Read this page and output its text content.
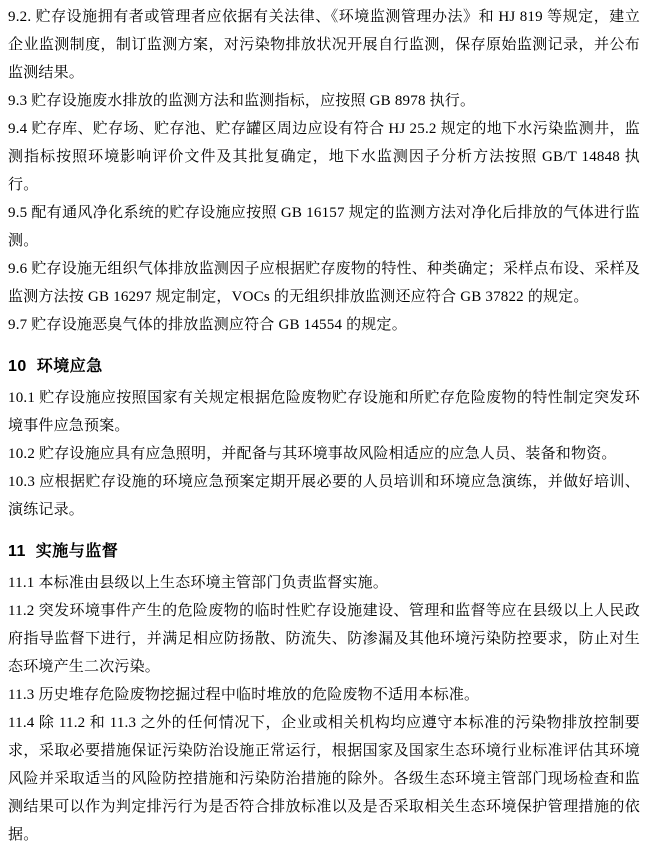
9.2. 贮存设施拥有者或管理者应依据有关法律、《环境监测管理办法》和 HJ 819 等规定，建立企业监测制度，制订监测方案，对污染物排放状况开展自行监测，保存原始监测记录，并公布监测结果。

9.3 贮存设施废水排放的监测方法和监测指标，应按照 GB 8978 执行。

9.4 贮存库、贮存场、贮存池、贮存罐区周边应设有符合 HJ 25.2 规定的地下水污染监测井，监测指标按照环境影响评价文件及其批复确定，地下水监测因子分析方法按照 GB/T 14848 执行。

9.5 配有通风净化系统的贮存设施应按照 GB 16157 规定的监测方法对净化后排放的气体进行监测。

9.6 贮存设施无组织气体排放监测因子应根据贮存废物的特性、种类确定；采样点布设、采样及监测方法按 GB 16297 规定制定，VOCs 的无组织排放监测还应符合 GB 37822 的规定。

9.7 贮存设施恶臭气体的排放监测应符合 GB 14554 的规定。

10  环境应急

10.1 贮存设施应按照国家有关规定根据危险废物贮存设施和所贮存危险废物的特性制定突发环境事件应急预案。

10.2 贮存设施应具有应急照明，并配备与其环境事故风险相适应的应急人员、装备和物资。

10.3 应根据贮存设施的环境应急预案定期开展必要的人员培训和环境应急演练，并做好培训、演练记录。

11  实施与监督

11.1 本标准由县级以上生态环境主管部门负责监督实施。

11.2 突发环境事件产生的危险废物的临时性贮存设施建设、管理和监督等应在县级以上人民政府指导监督下进行，并满足相应防扬散、防流失、防渗漏及其他环境污染防控要求，防止对生态环境产生二次污染。

11.3 历史堆存危险废物挖掘过程中临时堆放的危险废物不适用本标准。

11.4 除 11.2 和 11.3 之外的任何情况下，企业或相关机构均应遵守本标准的污染物排放控制要求，采取必要措施保证污染防治设施正常运行，根据国家及国家生态环境行业标准评估其环境风险并采取适当的风险防控措施和污染防治措施的除外。各级生态环境主管部门现场检查和监测结果可以作为判定排污行为是否符合排放标准以及是否采取相关生态环境保护管理措施的依据。
